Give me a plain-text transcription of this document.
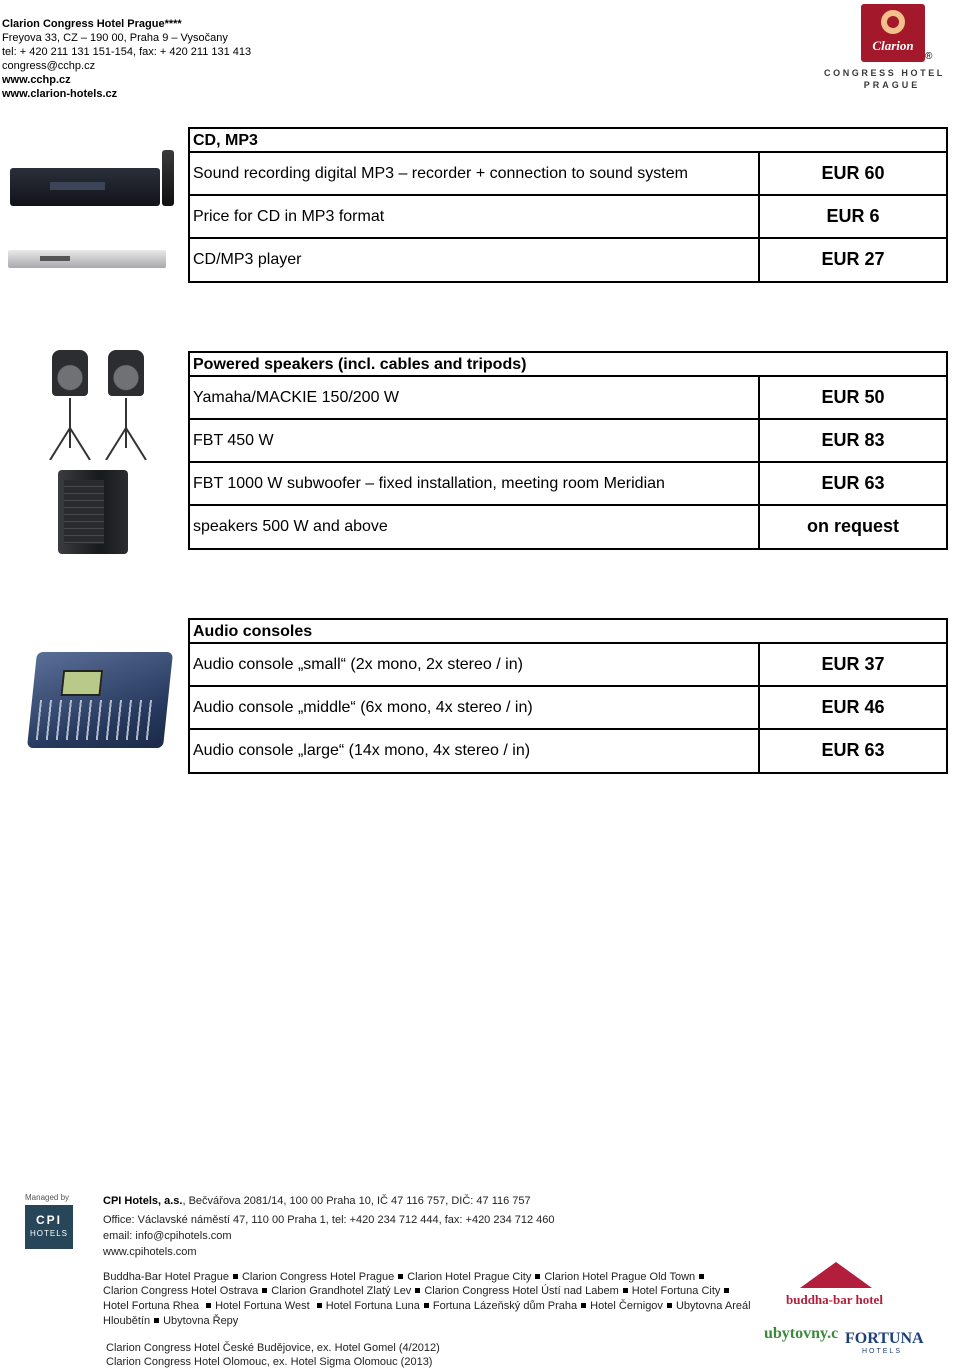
Clarion Congress Hotel Prague****
Freyova 33, CZ – 190 00, Praha 9 – Vysočany
tel: + 420 211 131 151-154, fax: + 420 211 131 413
congress@cchp.cz
www.cchp.cz
www.clarion-hotels.cz
Clarion
®
CONGRESS HOTEL
PRAGUE
CD, MP3
Sound recording digital MP3 – recorder + connection to sound system	EUR 60
Price for CD in MP3 format	EUR 6
CD/MP3 player	EUR 27
Powered speakers (incl. cables and tripods)
Yamaha/MACKIE 150/200 W	EUR 50
FBT 450 W	EUR 83
FBT 1000 W subwoofer – fixed installation, meeting room Meridian	EUR 63
speakers 500 W and above	on request
Audio consoles
Audio console „small“ (2x mono, 2x stereo / in)	EUR 37
Audio console „middle“ (6x mono, 4x stereo / in)	EUR 46
Audio console „large“ (14x mono, 4x stereo / in)	EUR 63
Managed by
CPI
HOTELS
CPI Hotels, a.s., Bečvářova 2081/14, 100 00 Praha 10, IČ 47 116 757, DIČ: 47 116 757
Office: Václavské náměstí 47, 110 00 Praha 1, tel: +420 234 712 444, fax: +420 234 712 460
email: info@cpihotels.com
www.cpihotels.com
Buddha-Bar Hotel Prague Clarion Congress Hotel Prague Clarion Hotel Prague City Clarion Hotel Prague Old Town
Clarion Congress Hotel Ostrava Clarion Grandhotel Zlatý Lev Clarion Congress Hotel Ústí nad Labem Hotel Fortuna City
Hotel Fortuna Rhea Hotel Fortuna West Hotel Fortuna Luna Fortuna Lázeňský dům Praha Hotel Černigov Ubytovna Areál
Hloubětín Ubytovna Řepy
Clarion Congress Hotel České Budějovice, ex. Hotel Gomel (4/2012)
Clarion Congress Hotel Olomouc, ex. Hotel Sigma Olomouc (2013)
buddha-bar hotel
ubytovny.c FORTUNA
HOTELS
